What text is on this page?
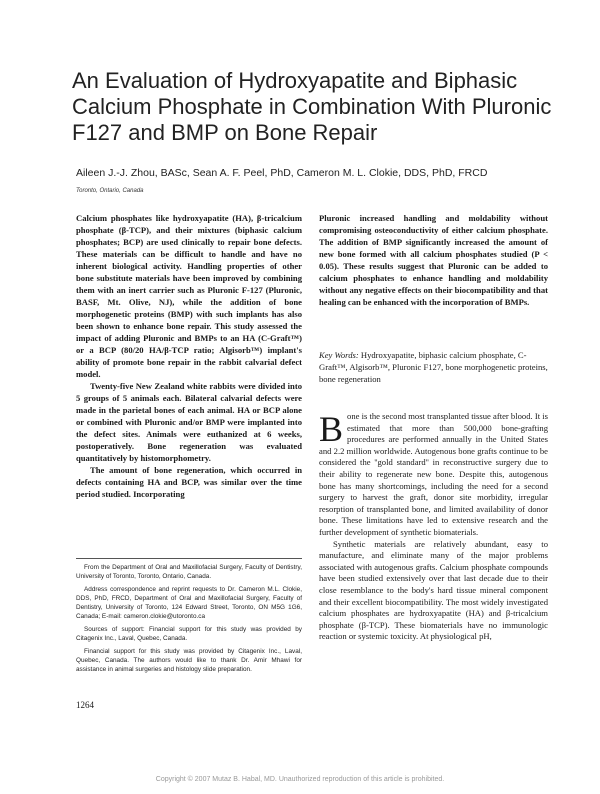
An Evaluation of Hydroxyapatite and Biphasic Calcium Phosphate in Combination With Pluronic F127 and BMP on Bone Repair
Aileen J.-J. Zhou, BASc, Sean A. F. Peel, PhD, Cameron M. L. Clokie, DDS, PhD, FRCD
Toronto, Ontario, Canada

Calcium phosphates like hydroxyapatite (HA), β-tricalcium phosphate (β-TCP), and their mixtures (biphasic calcium phosphates; BCP) are used clinically to repair bone defects. These materials can be difficult to handle and have no inherent biological activity. Handling properties of other bone substitute materials have been improved by combining them with an inert carrier such as Pluronic F-127 (Pluronic, BASF, Mt. Olive, NJ), while the addition of bone morphogenetic proteins (BMP) with such implants has also been shown to enhance bone repair. This study assessed the impact of adding Pluronic and BMPs to an HA (C-Graft™) or a BCP (80/20 HA/β-TCP ratio; Algisorb™) implant's ability of promote bone repair in the rabbit calvarial defect model.

Twenty-five New Zealand white rabbits were divided into 5 groups of 5 animals each. Bilateral calvarial defects were made in the parietal bones of each animal. HA or BCP alone or combined with Pluronic and/or BMP were implanted into the defect sites. Animals were euthanized at 6 weeks, postoperatively. Bone regeneration was evaluated quantitatively by histomorphometry.

The amount of bone regeneration, which occurred in defects containing HA and BCP, was similar over the time period studied. Incorporating

Pluronic increased handling and moldability without compromising osteoconductivity of either calcium phosphate. The addition of BMP significantly increased the amount of new bone formed with all calcium phosphates studied (P < 0.05). These results suggest that Pluronic can be added to calcium phosphates to enhance handling and moldability without any negative effects on their biocompatibility and that healing can be enhanced with the incorporation of BMPs.

Key Words: Hydroxyapatite, biphasic calcium phosphate, C-Graft™, Algisorb™, Pluronic F127, bone morphogenetic proteins, bone regeneration

Bone is the second most transplanted tissue after blood. It is estimated that more than 500,000 bone-grafting procedures are performed annually in the United States and 2.2 million worldwide. Autogenous bone grafts continue to be considered the ''gold standard'' in reconstructive surgery due to their ability to regenerate new bone. Despite this, autogenous bone has many shortcomings, including the need for a second surgery to harvest the graft, donor site morbidity, irregular resorption of transplanted bone, and limited availability of donor bone. These limitations have led to extensive research and the further development of synthetic biomaterials.

Synthetic materials are relatively abundant, easy to manufacture, and eliminate many of the major problems associated with autogenous grafts. Calcium phosphate compounds have been studied extensively over that last decade due to their close resemblance to the body's hard tissue mineral component and their excellent biocompatibility. The most widely investigated calcium phosphates are hydroxyapatite (HA) and β-tricalcium phosphate (β-TCP). These biomaterials have no immunologic reaction or systemic toxicity. At physiological pH,

From the Department of Oral and Maxillofacial Surgery, Faculty of Dentistry, University of Toronto, Toronto, Ontario, Canada.

Address correspondence and reprint requests to Dr. Cameron M.L. Clokie, DDS, PhD, FRCD, Department of Oral and Maxillofacial Surgery, Faculty of Dentistry, University of Toronto, 124 Edward Street, Toronto, ON M5G 1G6, Canada; E-mail: cameron.clokie@utoronto.ca

Sources of support: Financial support for this study was provided by Citagenix Inc., Laval, Quebec, Canada.

Financial support for this study was provided by Citagenix Inc., Laval, Quebec, Canada. The authors would like to thank Dr. Amir Mhawi for assistance in animal surgeries and histology slide preparation.

1264
Copyright © 2007 Mutaz B. Habal, MD. Unauthorized reproduction of this article is prohibited.
